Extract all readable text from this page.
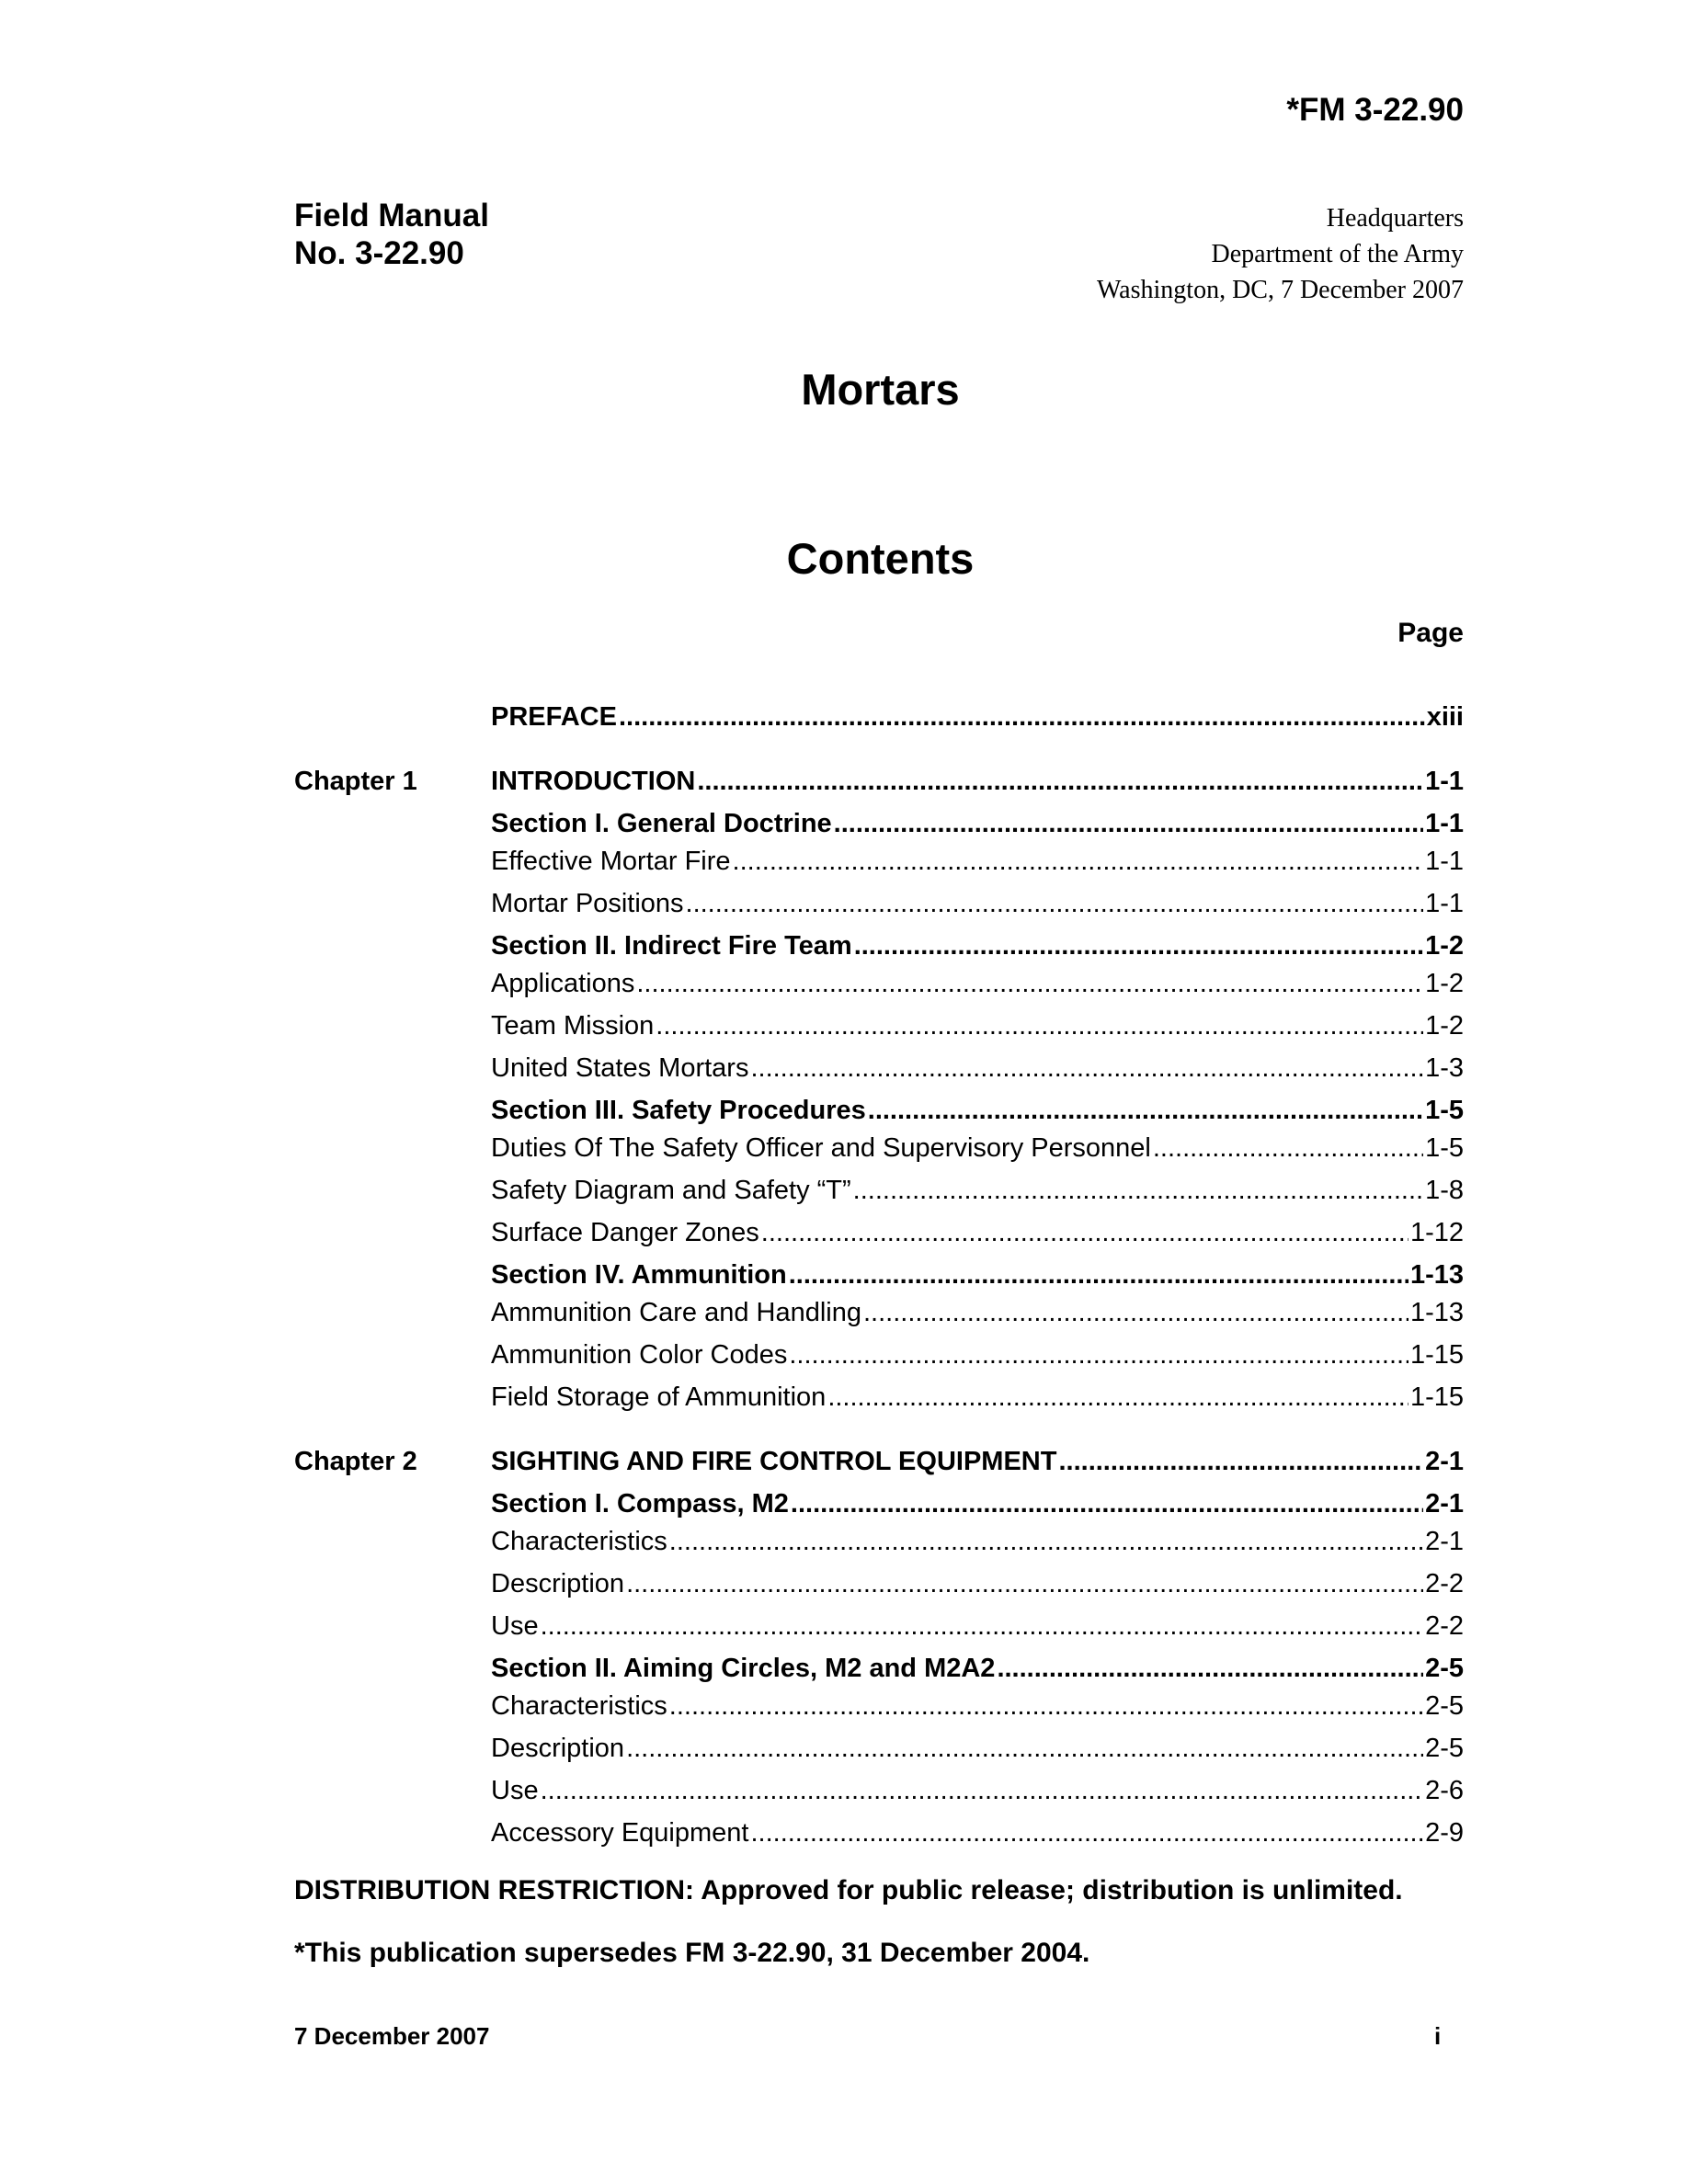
*FM 3-22.90
Field Manual
No. 3-22.90
Headquarters
Department of the Army
Washington, DC, 7 December 2007
Mortars
Contents
Page
PREFACE .....	xiii
Chapter 1	INTRODUCTION .....	1-1
Section I. General Doctrine .....	1-1
Effective Mortar Fire .....	1-1
Mortar Positions .....	1-1
Section II. Indirect Fire Team .....	1-2
Applications .....	1-2
Team Mission .....	1-2
United States Mortars .....	1-3
Section III. Safety Procedures .....	1-5
Duties Of The Safety Officer and Supervisory Personnel .....	1-5
Safety Diagram and Safety “T” .....	1-8
Surface Danger Zones .....	1-12
Section IV. Ammunition .....	1-13
Ammunition Care and Handling .....	1-13
Ammunition Color Codes .....	1-15
Field Storage of Ammunition .....	1-15
Chapter 2	SIGHTING AND FIRE CONTROL EQUIPMENT .....	2-1
Section I. Compass, M2 .....	2-1
Characteristics .....	2-1
Description .....	2-2
Use .....	2-2
Section II. Aiming Circles, M2 and M2A2 .....	2-5
Characteristics .....	2-5
Description .....	2-5
Use .....	2-6
Accessory Equipment .....	2-9
DISTRIBUTION RESTRICTION: Approved for public release; distribution is unlimited.
*This publication supersedes FM 3-22.90, 31 December 2004.
7 December 2007	i
